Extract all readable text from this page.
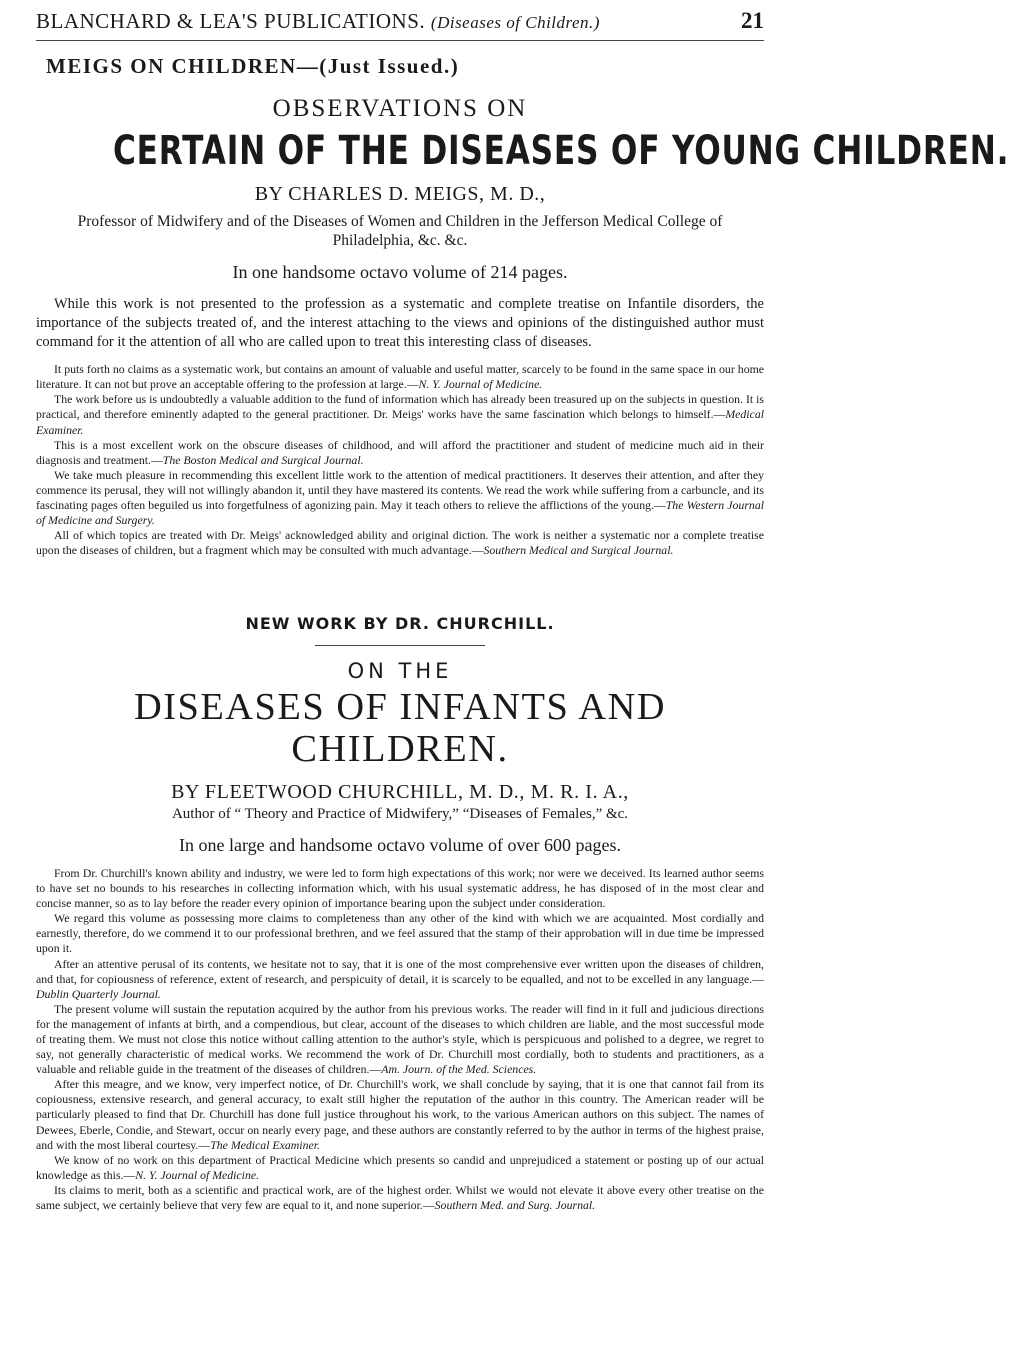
BLANCHARD & LEA'S PUBLICATIONS. (Diseases of Children.)	21
MEIGS ON CHILDREN—(Just Issued.)
OBSERVATIONS ON
CERTAIN OF THE DISEASES OF YOUNG CHILDREN.
BY CHARLES D. MEIGS, M. D.,
Professor of Midwifery and of the Diseases of Women and Children in the Jefferson Medical College of Philadelphia, &c. &c.
In one handsome octavo volume of 214 pages.

While this work is not presented to the profession as a systematic and complete treatise on Infantile disorders, the importance of the subjects treated of, and the interest attaching to the views and opinions of the distinguished author must command for it the attention of all who are called upon to treat this interesting class of diseases.

It puts forth no claims as a systematic work, but contains an amount of valuable and useful matter, scarcely to be found in the same space in our home literature. It can not but prove an acceptable offering to the profession at large.—N. Y. Journal of Medicine.

The work before us is undoubtedly a valuable addition to the fund of information which has already been treasured up on the subjects in question. It is practical, and therefore eminently adapted to the general practitioner. Dr. Meigs' works have the same fascination which belongs to himself.—Medical Examiner.

This is a most excellent work on the obscure diseases of childhood, and will afford the practitioner and student of medicine much aid in their diagnosis and treatment.—The Boston Medical and Surgical Journal.

We take much pleasure in recommending this excellent little work to the attention of medical practitioners. It deserves their attention, and after they commence its perusal, they will not willingly abandon it, until they have mastered its contents. We read the work while suffering from a carbuncle, and its fascinating pages often beguiled us into forgetfulness of agonizing pain. May it teach others to relieve the afflictions of the young.—The Western Journal of Medicine and Surgery.

All of which topics are treated with Dr. Meigs' acknowledged ability and original diction. The work is neither a systematic nor a complete treatise upon the diseases of children, but a fragment which may be consulted with much advantage.—Southern Medical and Surgical Journal.

NEW WORK BY DR. CHURCHILL.
ON THE
DISEASES OF INFANTS AND CHILDREN.
BY FLEETWOOD CHURCHILL, M. D., M. R. I. A.,
Author of “ Theory and Practice of Midwifery,” “Diseases of Females,” &c.
In one large and handsome octavo volume of over 600 pages.

From Dr. Churchill's known ability and industry, we were led to form high expectations of this work; nor were we deceived. Its learned author seems to have set no bounds to his researches in collecting information which, with his usual systematic address, he has disposed of in the most clear and concise manner, so as to lay before the reader every opinion of importance bearing upon the subject under consideration.

We regard this volume as possessing more claims to completeness than any other of the kind with which we are acquainted. Most cordially and earnestly, therefore, do we commend it to our professional brethren, and we feel assured that the stamp of their approbation will in due time be impressed upon it.

After an attentive perusal of its contents, we hesitate not to say, that it is one of the most comprehensive ever written upon the diseases of children, and that, for copiousness of reference, extent of research, and perspicuity of detail, it is scarcely to be equalled, and not to be excelled in any language.—Dublin Quarterly Journal.

The present volume will sustain the reputation acquired by the author from his previous works. The reader will find in it full and judicious directions for the management of infants at birth, and a compendious, but clear, account of the diseases to which children are liable, and the most successful mode of treating them. We must not close this notice without calling attention to the author's style, which is perspicuous and polished to a degree, we regret to say, not generally characteristic of medical works. We recommend the work of Dr. Churchill most cordially, both to students and practitioners, as a valuable and reliable guide in the treatment of the diseases of children.—Am. Journ. of the Med. Sciences.

After this meagre, and we know, very imperfect notice, of Dr. Churchill's work, we shall conclude by saying, that it is one that cannot fail from its copiousness, extensive research, and general accuracy, to exalt still higher the reputation of the author in this country. The American reader will be particularly pleased to find that Dr. Churchill has done full justice throughout his work, to the various American authors on this subject. The names of Dewees, Eberle, Condie, and Stewart, occur on nearly every page, and these authors are constantly referred to by the author in terms of the highest praise, and with the most liberal courtesy.—The Medical Examiner.

We know of no work on this department of Practical Medicine which presents so candid and unprejudiced a statement or posting up of our actual knowledge as this.—N. Y. Journal of Medicine.

Its claims to merit, both as a scientific and practical work, are of the highest order. Whilst we would not elevate it above every other treatise on the same subject, we certainly believe that very few are equal to it, and none superior.—Southern Med. and Surg. Journal.
